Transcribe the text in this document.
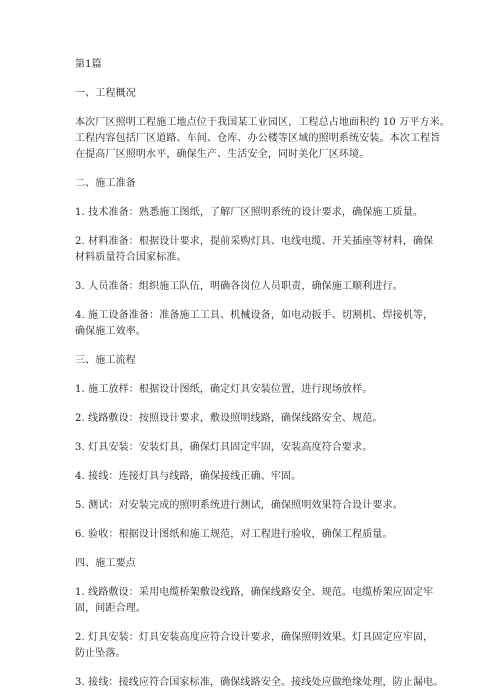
第1篇

一、工程概况

本次厂区照明工程施工地点位于我国某工业园区，工程总占地面积约 10 万平方米。
工程内容包括厂区道路、车间、仓库、办公楼等区域的照明系统安装。本次工程旨
在提高厂区照明水平，确保生产、生活安全，同时美化厂区环境。

二、施工准备

1. 技术准备：熟悉施工图纸，了解厂区照明系统的设计要求，确保施工质量。

2. 材料准备：根据设计要求，提前采购灯具、电线电缆、开关插座等材料，确保
材料质量符合国家标准。

3. 人员准备：组织施工队伍，明确各岗位人员职责，确保施工顺利进行。

4. 施工设备准备：准备施工工具、机械设备，如电动扳手、切割机、焊接机等，
确保施工效率。

三、施工流程

1. 施工放样：根据设计图纸，确定灯具安装位置，进行现场放样。

2. 线路敷设：按照设计要求，敷设照明线路，确保线路安全、规范。

3. 灯具安装：安装灯具，确保灯具固定牢固，安装高度符合要求。

4. 接线：连接灯具与线路，确保接线正确、牢固。

5. 测试：对安装完成的照明系统进行测试，确保照明效果符合设计要求。

6. 验收：根据设计图纸和施工规范，对工程进行验收，确保工程质量。

四、施工要点

1. 线路敷设：采用电缆桥架敷设线路，确保线路安全、规范。电缆桥架应固定牢
固，间距合理。

2. 灯具安装：灯具安装高度应符合设计要求，确保照明效果。灯具固定应牢固，
防止坠落。

3. 接线：接线应符合国家标准，确保线路安全。接线处应做绝缘处理，防止漏电。
